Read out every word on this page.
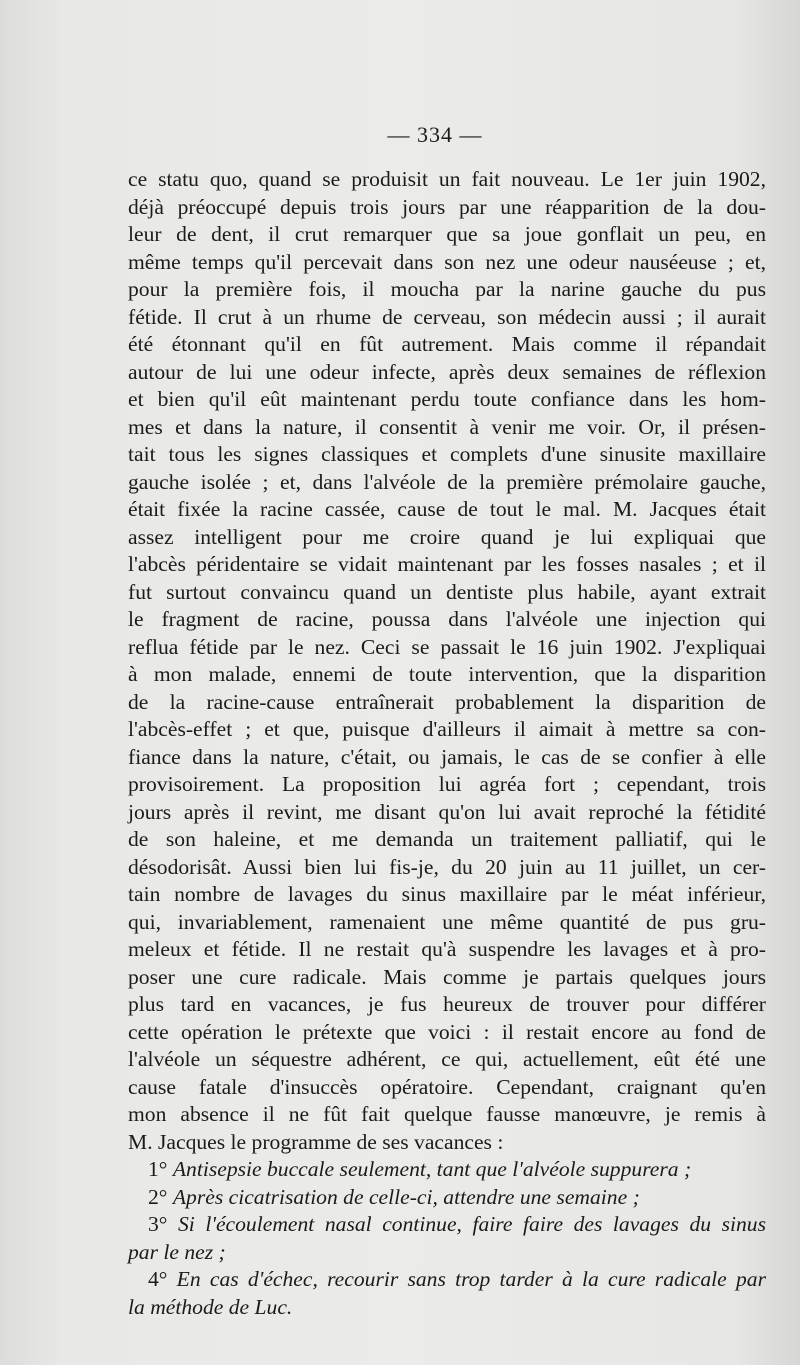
— 334 —
ce statu quo, quand se produisit un fait nouveau. Le 1er juin 1902,
déjà préoccupé depuis trois jours par une réapparition de la dou-
leur de dent, il crut remarquer que sa joue gonflait un peu, en
même temps qu'il percevait dans son nez une odeur nauséeuse ; et,
pour la première fois, il moucha par la narine gauche du pus
fétide. Il crut à un rhume de cerveau, son médecin aussi ; il aurait
été étonnant qu'il en fût autrement. Mais comme il répandait
autour de lui une odeur infecte, après deux semaines de réflexion
et bien qu'il eût maintenant perdu toute confiance dans les hom-
mes et dans la nature, il consentit à venir me voir. Or, il présen-
tait tous les signes classiques et complets d'une sinusite maxillaire
gauche isolée ; et, dans l'alvéole de la première prémolaire gauche,
était fixée la racine cassée, cause de tout le mal. M. Jacques était
assez intelligent pour me croire quand je lui expliquai que
l'abcès péridentaire se vidait maintenant par les fosses nasales ; et il
fut surtout convaincu quand un dentiste plus habile, ayant extrait
le fragment de racine, poussa dans l'alvéole une injection qui
reflua fétide par le nez. Ceci se passait le 16 juin 1902. J'expliquai
à mon malade, ennemi de toute intervention, que la disparition
de la racine-cause entraînerait probablement la disparition de
l'abcès-effet ; et que, puisque d'ailleurs il aimait à mettre sa con-
fiance dans la nature, c'était, ou jamais, le cas de se confier à elle
provisoirement. La proposition lui agréa fort ; cependant, trois
jours après il revint, me disant qu'on lui avait reproché la fétidité
de son haleine, et me demanda un traitement palliatif, qui le
désodorisât. Aussi bien lui fis-je, du 20 juin au 11 juillet, un cer-
tain nombre de lavages du sinus maxillaire par le méat inférieur,
qui, invariablement, ramenaient une même quantité de pus gru-
meleux et fétide. Il ne restait qu'à suspendre les lavages et à pro-
poser une cure radicale. Mais comme je partais quelques jours
plus tard en vacances, je fus heureux de trouver pour différer
cette opération le prétexte que voici : il restait encore au fond de
l'alvéole un séquestre adhérent, ce qui, actuellement, eût été une
cause fatale d'insuccès opératoire. Cependant, craignant qu'en
mon absence il ne fût fait quelque fausse manœuvre, je remis à
M. Jacques le programme de ses vacances :
1° Antisepsie buccale seulement, tant que l'alvéole suppurera ;
2° Après cicatrisation de celle-ci, attendre une semaine ;
3° Si l'écoulement nasal continue, faire faire des lavages du sinus
par le nez ;
4° En cas d'échec, recourir sans trop tarder à la cure radicale par
la méthode de Luc.
